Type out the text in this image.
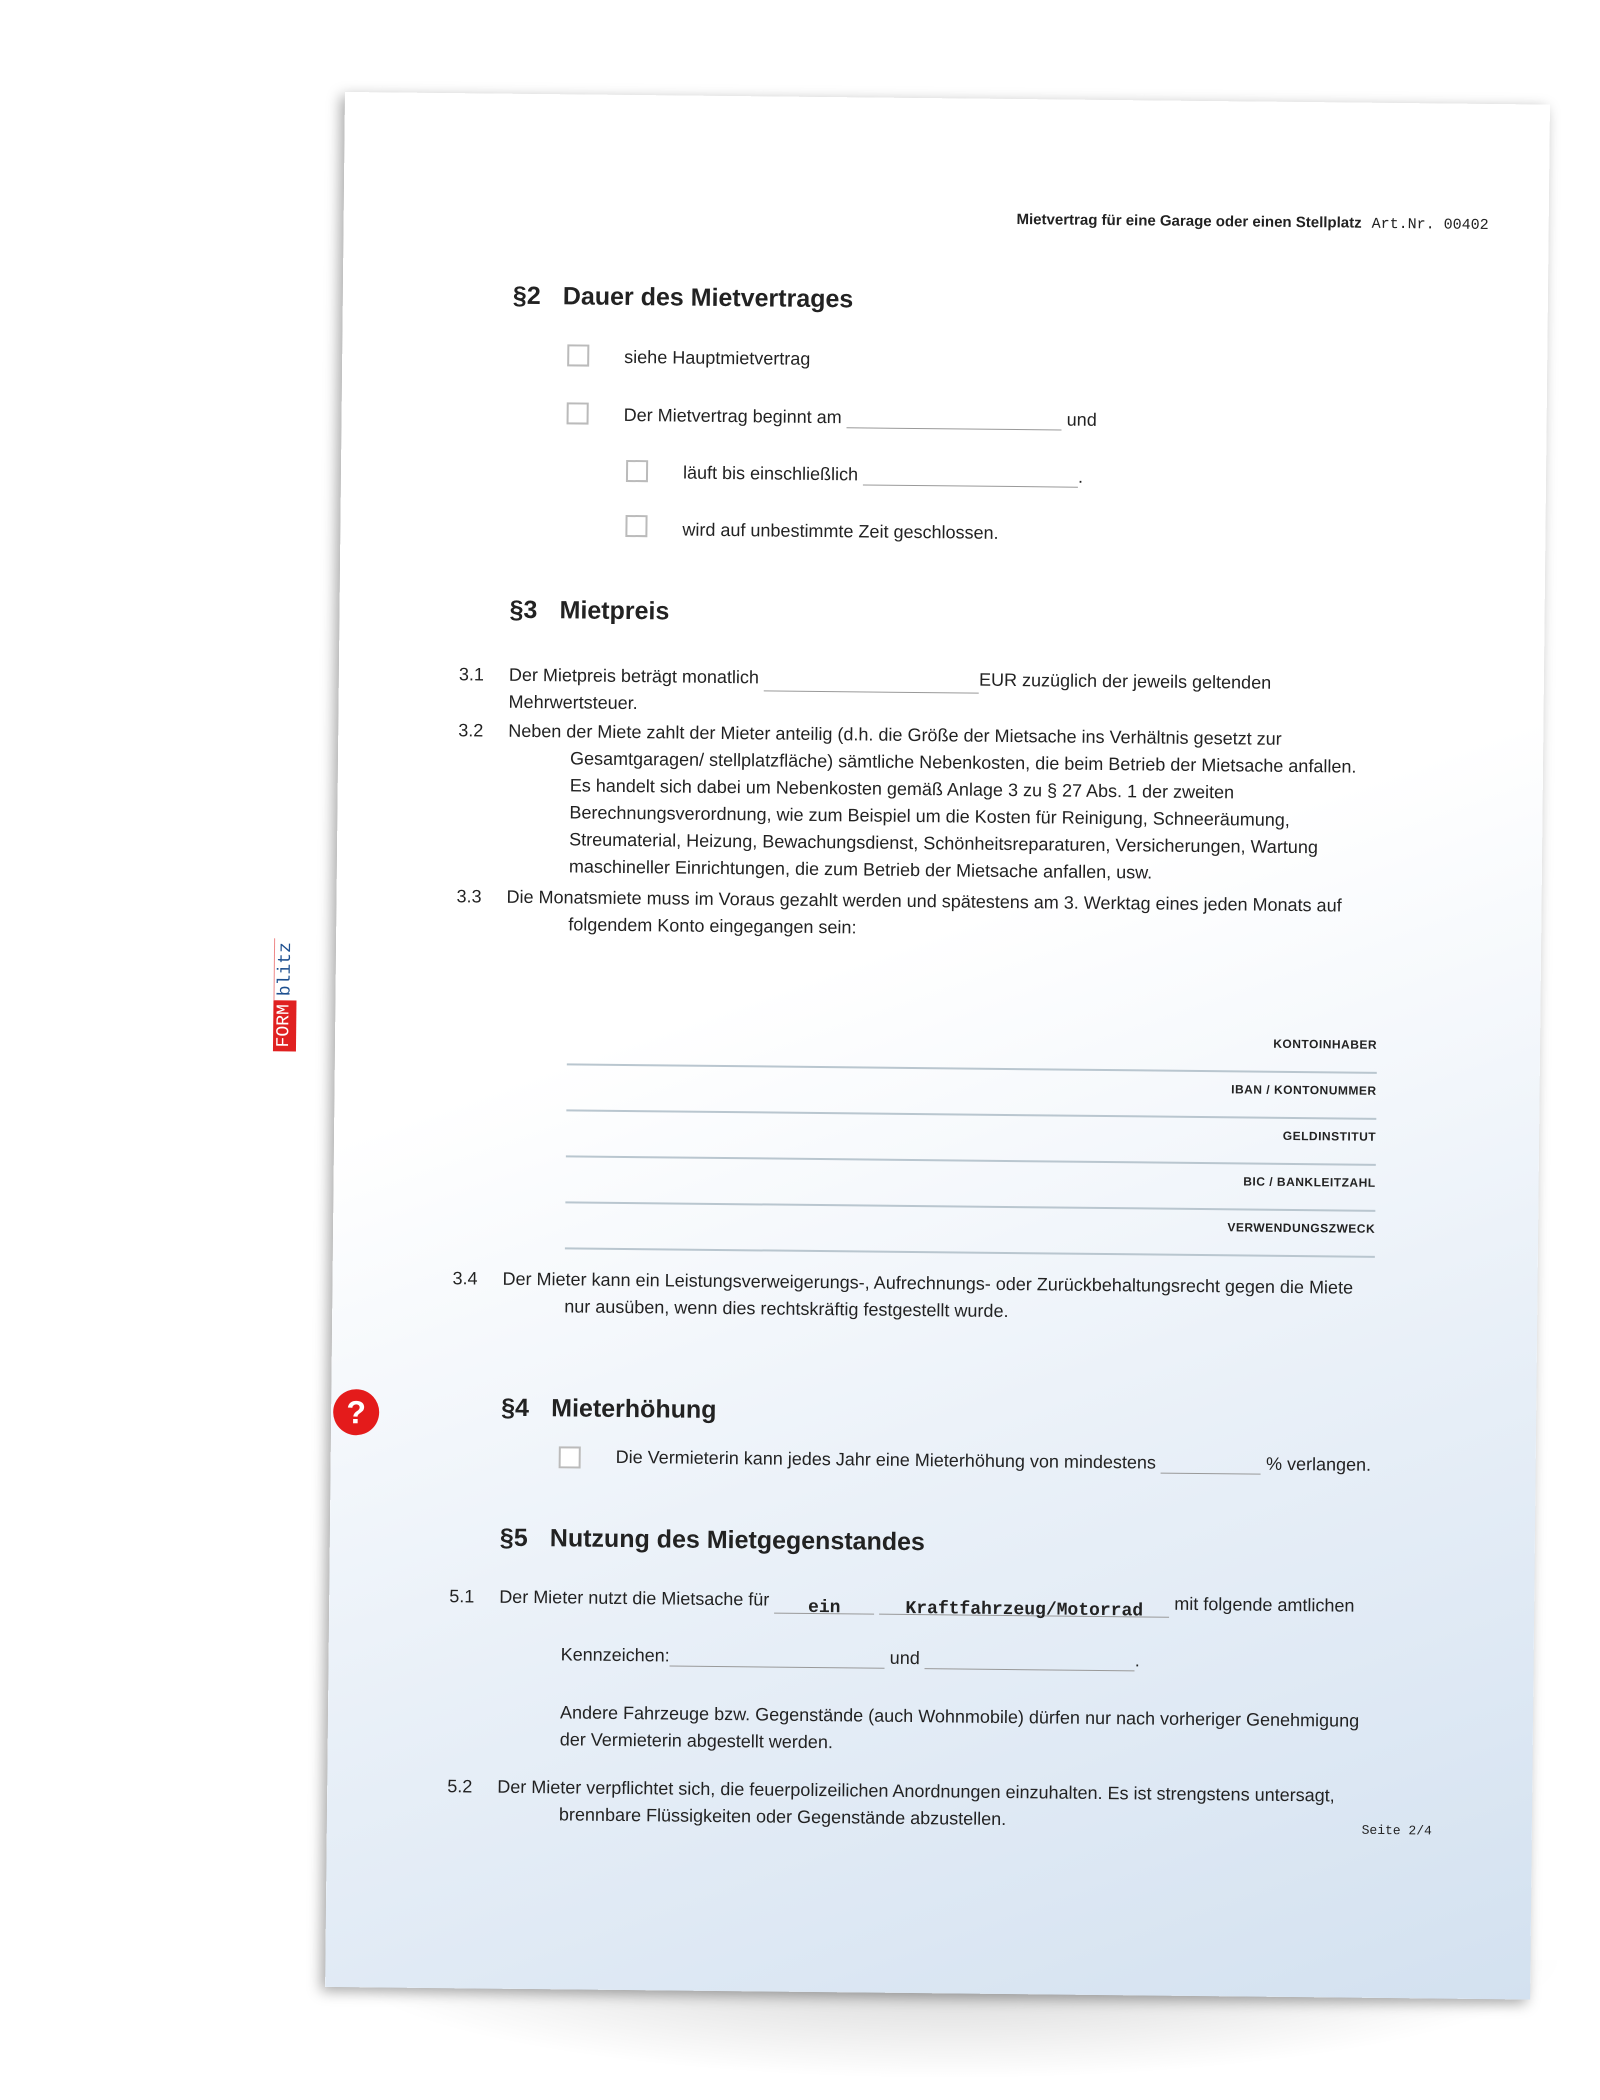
Mietvertrag für eine Garage oder einen Stellplatz Art.Nr. 00402
FORM
blitz
§2 Dauer des Mietvertrages
siehe Hauptmietvertrag
Der Mietvertrag beginnt am	und
läuft bis einschließlich	.
wird auf unbestimmte Zeit geschlossen.
§3 Mietpreis
3.1 Der Mietpreis beträgt monatlich	EUR zuzüglich der jeweils geltenden Mehrwertsteuer.
3.2 Neben der Miete zahlt der Mieter anteilig (d.h. die Größe der Mietsache ins Verhältnis gesetzt zur Gesamtgaragen/ stellplatzfläche) sämtliche Nebenkosten, die beim Betrieb der Mietsache anfallen. Es handelt sich dabei um Nebenkosten gemäß Anlage 3 zu § 27 Abs. 1 der zweiten Berechnungsverordnung, wie zum Beispiel um die Kosten für Reinigung, Schneeräumung, Streumaterial, Heizung, Bewachungsdienst, Schönheitsreparaturen, Versicherungen, Wartung maschineller Einrichtungen, die zum Betrieb der Mietsache anfallen, usw.
3.3 Die Monatsmiete muss im Voraus gezahlt werden und spätestens am 3. Werktag eines jeden Monats auf folgendem Konto eingegangen sein:
KONTOINHABER
IBAN / KONTONUMMER
GELDINSTITUT
BIC / BANKLEITZAHL
VERWENDUNGSZWECK
3.4 Der Mieter kann ein Leistungsverweigerungs-, Aufrechnungs- oder Zurückbehaltungsrecht gegen die Miete nur ausüben, wenn dies rechtskräftig festgestellt wurde.
?	§4 Mieterhöhung
Die Vermieterin kann jedes Jahr eine Mieterhöhung von mindestens	% verlangen.
§5 Nutzung des Mietgegenstandes
5.1 Der Mieter nutzt die Mietsache für ein	Kraftfahrzeug/Motorrad mit folgende amtlichen
Kennzeichen:	und	.
Andere Fahrzeuge bzw. Gegenstände (auch Wohnmobile) dürfen nur nach vorheriger Genehmigung der Vermieterin abgestellt werden.
5.2 Der Mieter verpflichtet sich, die feuerpolizeilichen Anordnungen einzuhalten. Es ist strengstens untersagt, brennbare Flüssigkeiten oder Gegenstände abzustellen.
Seite 2/4
